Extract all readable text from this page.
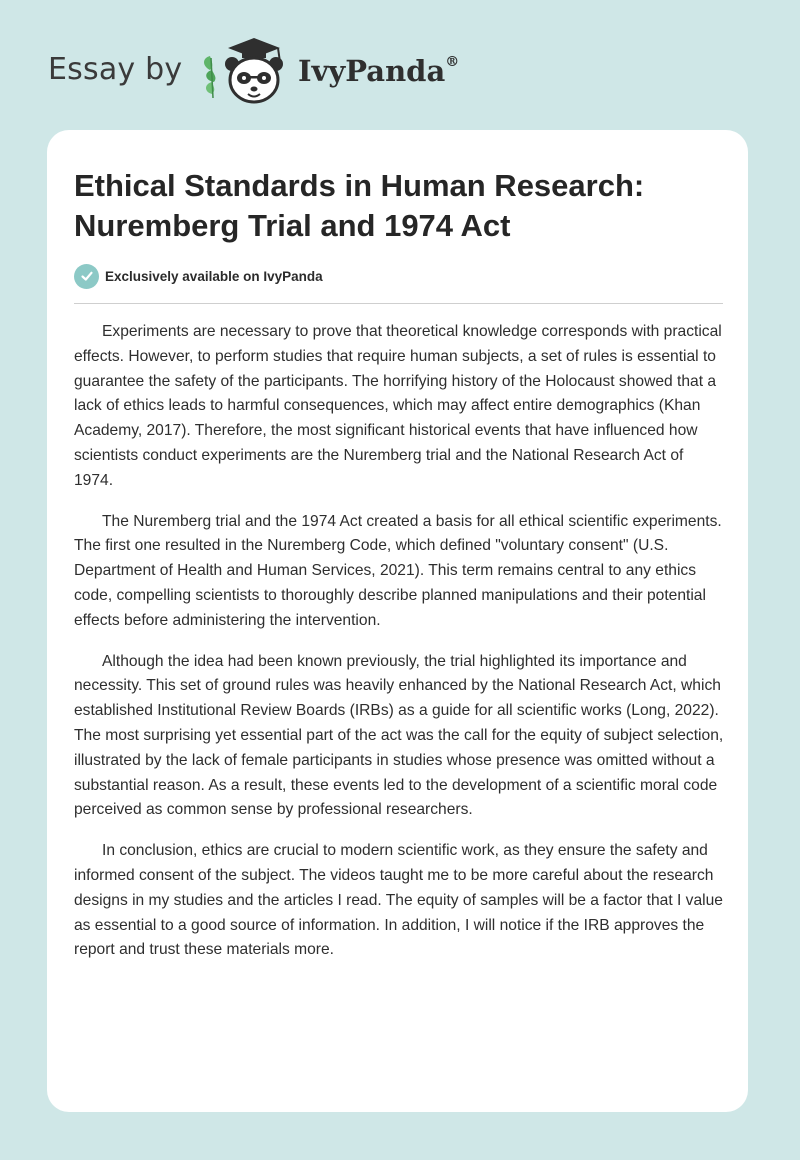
Essay by	IvyPanda®
Ethical Standards in Human Research: Nuremberg Trial and 1974 Act
Exclusively available on IvyPanda

Experiments are necessary to prove that theoretical knowledge corresponds with practical effects. However, to perform studies that require human subjects, a set of rules is essential to guarantee the safety of the participants. The horrifying history of the Holocaust showed that a lack of ethics leads to harmful consequences, which may affect entire demographics (Khan Academy, 2017). Therefore, the most significant historical events that have influenced how scientists conduct experiments are the Nuremberg trial and the National Research Act of 1974.

The Nuremberg trial and the 1974 Act created a basis for all ethical scientific experiments. The first one resulted in the Nuremberg Code, which defined "voluntary consent" (U.S. Department of Health and Human Services, 2021). This term remains central to any ethics code, compelling scientists to thoroughly describe planned manipulations and their potential effects before administering the intervention.

Although the idea had been known previously, the trial highlighted its importance and necessity. This set of ground rules was heavily enhanced by the National Research Act, which established Institutional Review Boards (IRBs) as a guide for all scientific works (Long, 2022). The most surprising yet essential part of the act was the call for the equity of subject selection, illustrated by the lack of female participants in studies whose presence was omitted without a substantial reason. As a result, these events led to the development of a scientific moral code perceived as common sense by professional researchers.

In conclusion, ethics are crucial to modern scientific work, as they ensure the safety and informed consent of the subject. The videos taught me to be more careful about the research designs in my studies and the articles I read. The equity of samples will be a factor that I value as essential to a good source of information. In addition, I will notice if the IRB approves the report and trust these materials more.
